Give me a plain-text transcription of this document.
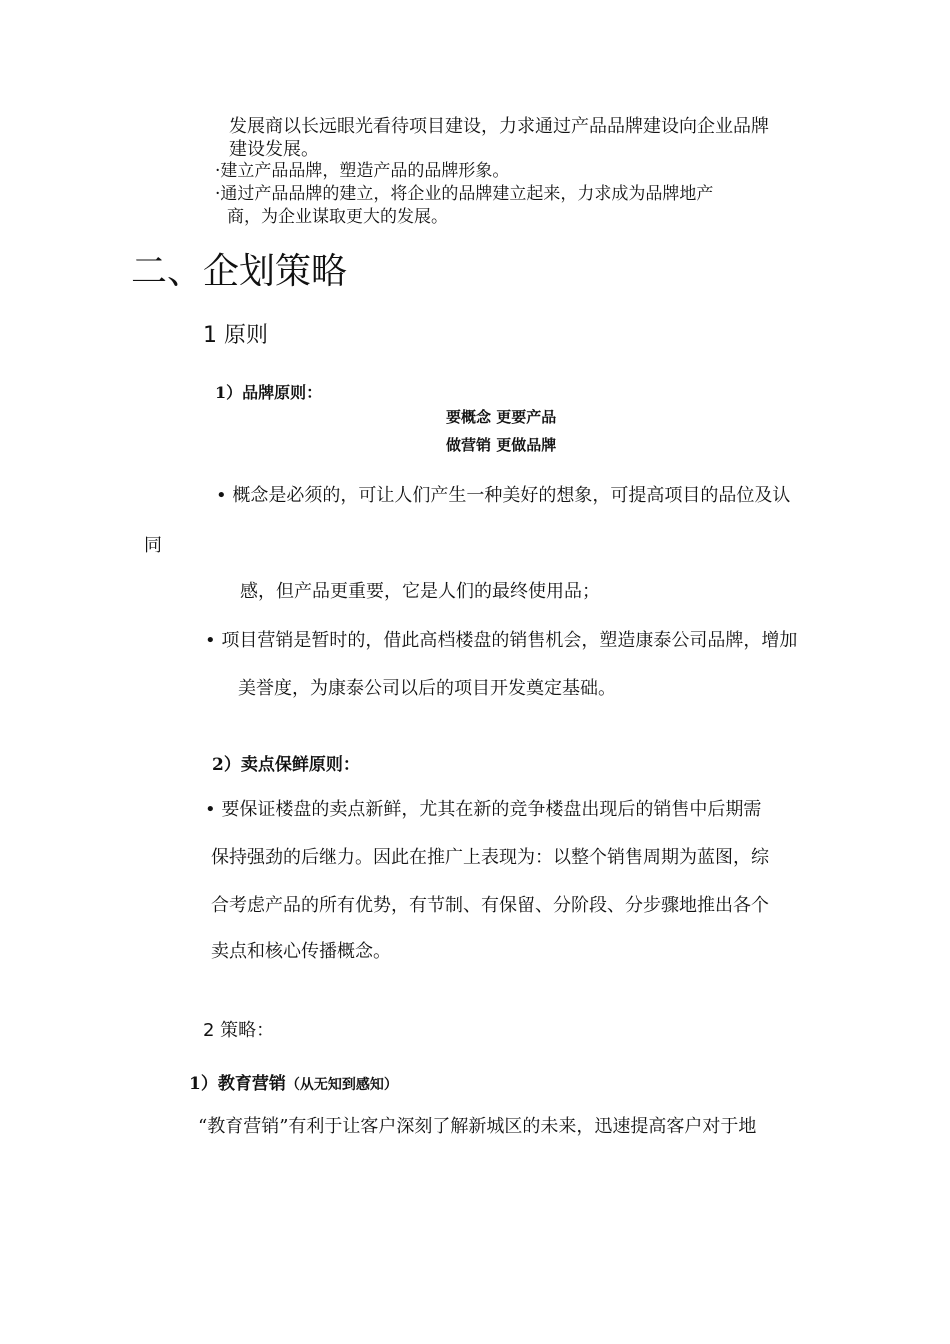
发展商以长远眼光看待项目建设，力求通过产品品牌建设向企业品牌
建设发展。
·建立产品品牌，塑造产品的品牌形象。
·通过产品品牌的建立，将企业的品牌建立起来，力求成为品牌地产
商，为企业谋取更大的发展。
二、企划策略
1 原则
1）品牌原则：
要概念 更要产品
做营销 更做品牌
• 概念是必须的，可让人们产生一种美好的想象，可提高项目的品位及认
同
感，但产品更重要，它是人们的最终使用品；
• 项目营销是暂时的，借此高档楼盘的销售机会，塑造康泰公司品牌，增加
美誉度，为康泰公司以后的项目开发奠定基础。
2）卖点保鲜原则：
• 要保证楼盘的卖点新鲜，尤其在新的竞争楼盘出现后的销售中后期需
保持强劲的后继力。因此在推广上表现为：以整个销售周期为蓝图，综
合考虑产品的所有优势，有节制、有保留、分阶段、分步骤地推出各个
卖点和核心传播概念。
2 策略：
1）教育营销（从无知到感知）
“教育营销”有利于让客户深刻了解新城区的未来，迅速提高客户对于地
